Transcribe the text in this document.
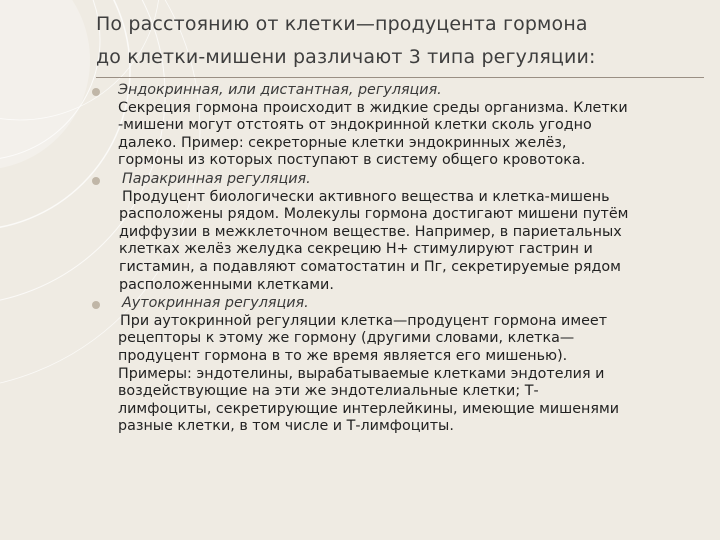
По расстоянию от клетки—продуцента гормона
до клетки-мишени различают 3 типа регуляции:
Эндокринная, или дистантная, регуляция.
Секреция гормона происходит в жидкие среды организма. Клетки
-мишени могут отстоять от эндокринной клетки сколь угодно
далеко. Пример: секреторные клетки эндокринных желёз,
гормоны из которых поступают в систему общего кровотока.
Паракринная регуляция.
Продуцент биологически активного вещества и клетка-мишень
расположены рядом. Молекулы гормона достигают мишени путём
диффузии в межклеточном веществе. Например, в париетальных
клетках желёз желудка секрецию Н+ стимулируют гастрин и
гистамин, а подавляют соматостатин и Пг, секретируемые рядом
расположенными клетками.
Аутокринная регуляция.
При аутокринной регуляции клетка—продуцент гормона имеет
рецепторы к этому же гормону (другими словами, клетка—
продуцент гормона в то же время является его мишенью).
Примеры: эндотелины, вырабатываемые клетками эндотелия и
воздействующие на эти же эндотелиальные клетки; Т-
лимфоциты, секретирующие интерлейкины, имеющие мишенями
разные клетки, в том числе и Т-лимфоциты.
